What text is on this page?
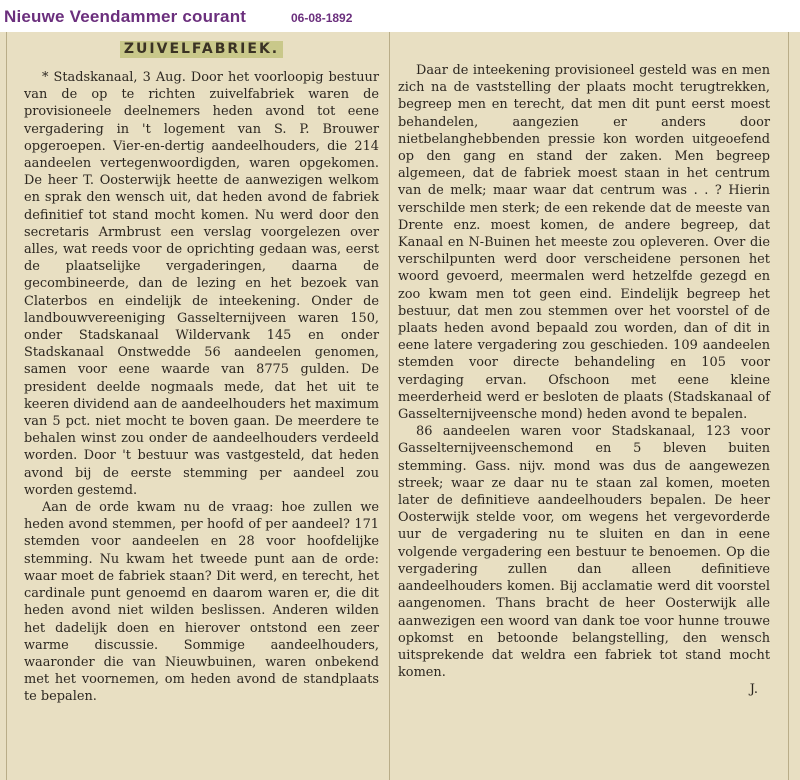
Nieuwe Veendammer courant	06-08-1892
ZUIVELFABRIEK.

* Stadskanaal, 3 Aug. Door het voorloopig bestuur van de op te richten zuivelfabriek waren de provisioneele deelnemers heden avond tot eene vergadering in 't logement van S. P. Brouwer opgeroepen. Vier-en-dertig aandeelhouders, die 214 aandeelen vertegenwoordigden, waren opgekomen. De heer T. Oosterwijk heette de aanwezigen welkom en sprak den wensch uit, dat heden avond de fabriek definitief tot stand mocht komen. Nu werd door den secretaris Armbrust een verslag voorgelezen over alles, wat reeds voor de oprichting gedaan was, eerst de plaatselijke vergaderingen, daarna de gecombineerde, dan de lezing en het bezoek van Claterbos en eindelijk de inteekening. Onder de landbouwvereeniging Gasselternijveen waren 150, onder Stadskanaal Wildervank 145 en onder Stadskanaal Onstwedde 56 aandeelen genomen, samen voor eene waarde van 8775 gulden. De president deelde nogmaals mede, dat het uit te keeren dividend aan de aandeelhouders het maximum van 5 pct. niet mocht te boven gaan. De meerdere te behalen winst zou onder de aandeelhouders verdeeld worden. Door 't bestuur was vastgesteld, dat heden avond bij de eerste stemming per aandeel zou worden gestemd.

Aan de orde kwam nu de vraag: hoe zullen we heden avond stemmen, per hoofd of per aandeel? 171 stemden voor aandeelen en 28 voor hoofdelijke stemming. Nu kwam het tweede punt aan de orde: waar moet de fabriek staan? Dit werd, en terecht, het cardinale punt genoemd en daarom waren er, die dit heden avond niet wilden beslissen. Anderen wilden het dadelijk doen en hierover ontstond een zeer warme discussie. Sommige aandeelhouders, waaronder die van Nieuwbuinen, waren onbekend met het voornemen, om heden avond de standplaats te bepalen.

Daar de inteekening provisioneel gesteld was en men zich na de vaststelling der plaats mocht terugtrekken, begreep men en terecht, dat men dit punt eerst moest behandelen, aangezien er anders door nietbelanghebbenden pressie kon worden uitgeoefend op den gang en stand der zaken. Men begreep algemeen, dat de fabriek moest staan in het centrum van de melk; maar waar dat centrum was . . ? Hierin verschilde men sterk; de een rekende dat de meeste van Drente enz. moest komen, de andere begreep, dat Kanaal en N-Buinen het meeste zou opleveren. Over die verschilpunten werd door verscheidene personen het woord gevoerd, meermalen werd hetzelfde gezegd en zoo kwam men tot geen eind. Eindelijk begreep het bestuur, dat men zou stemmen over het voorstel of de plaats heden avond bepaald zou worden, dan of dit in eene latere vergadering zou geschieden. 109 aandeelen stemden voor directe behandeling en 105 voor verdaging ervan. Ofschoon met eene kleine meerderheid werd er besloten de plaats (Stadskanaal of Gasselternijveensche mond) heden avond te bepalen.

86 aandeelen waren voor Stadskanaal, 123 voor Gasselternijveenschemond en 5 bleven buiten stemming. Gass. nijv. mond was dus de aangewezen streek; waar ze daar nu te staan zal komen, moeten later de definitieve aandeelhouders bepalen. De heer Oosterwijk stelde voor, om wegens het vergevorderde uur de vergadering nu te sluiten en dan in eene volgende vergadering een bestuur te benoemen. Op die vergadering zullen dan alleen definitieve aandeelhouders komen. Bij acclamatie werd dit voorstel aangenomen. Thans bracht de heer Oosterwijk alle aanwezigen een woord van dank toe voor hunne trouwe opkomst en betoonde belangstelling, den wensch uitsprekende dat weldra een fabriek tot stand mocht komen.

J.
